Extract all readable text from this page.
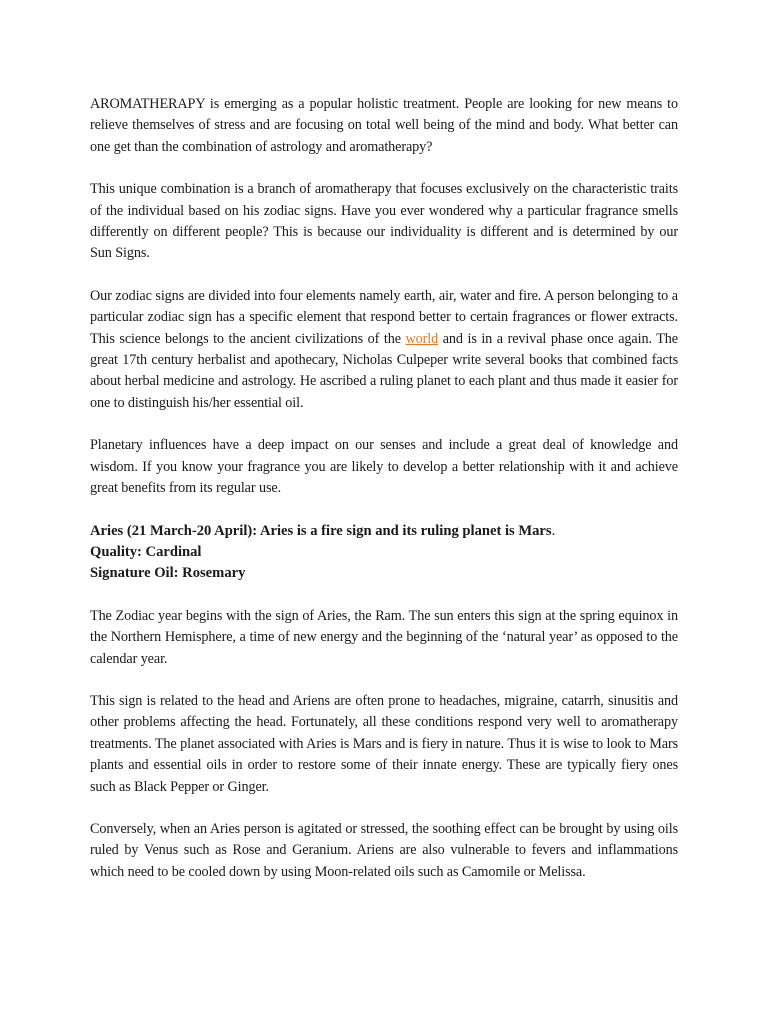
AROMATHERAPY is emerging as a popular holistic treatment. People are looking for new means to relieve themselves of stress and are focusing on total well being of the mind and body. What better can one get than the combination of astrology and aromatherapy?

This unique combination is a branch of aromatherapy that focuses exclusively on the characteristic traits of the individual based on his zodiac signs. Have you ever wondered why a particular fragrance smells differently on different people? This is because our individuality is different and is determined by our Sun Signs.

Our zodiac signs are divided into four elements namely earth, air, water and fire. A person belonging to a particular zodiac sign has a specific element that respond better to certain fragrances or flower extracts. This science belongs to the ancient civilizations of the world and is in a revival phase once again. The great 17th century herbalist and apothecary, Nicholas Culpeper write several books that combined facts about herbal medicine and astrology. He ascribed a ruling planet to each plant and thus made it easier for one to distinguish his/her essential oil.

Planetary influences have a deep impact on our senses and include a great deal of knowledge and wisdom. If you know your fragrance you are likely to develop a better relationship with it and achieve great benefits from its regular use.

Aries (21 March-20 April): Aries is a fire sign and its ruling planet is Mars.
Quality: Cardinal
Signature Oil: Rosemary

The Zodiac year begins with the sign of Aries, the Ram. The sun enters this sign at the spring equinox in the Northern Hemisphere, a time of new energy and the beginning of the ‘natural year’ as opposed to the calendar year.

This sign is related to the head and Ariens are often prone to headaches, migraine, catarrh, sinusitis and other problems affecting the head. Fortunately, all these conditions respond very well to aromatherapy treatments. The planet associated with Aries is Mars and is fiery in nature. Thus it is wise to look to Mars plants and essential oils in order to restore some of their innate energy. These are typically fiery ones such as Black Pepper or Ginger.

Conversely, when an Aries person is agitated or stressed, the soothing effect can be brought by using oils ruled by Venus such as Rose and Geranium. Ariens are also vulnerable to fevers and inflammations which need to be cooled down by using Moon-related oils such as Camomile or Melissa.
